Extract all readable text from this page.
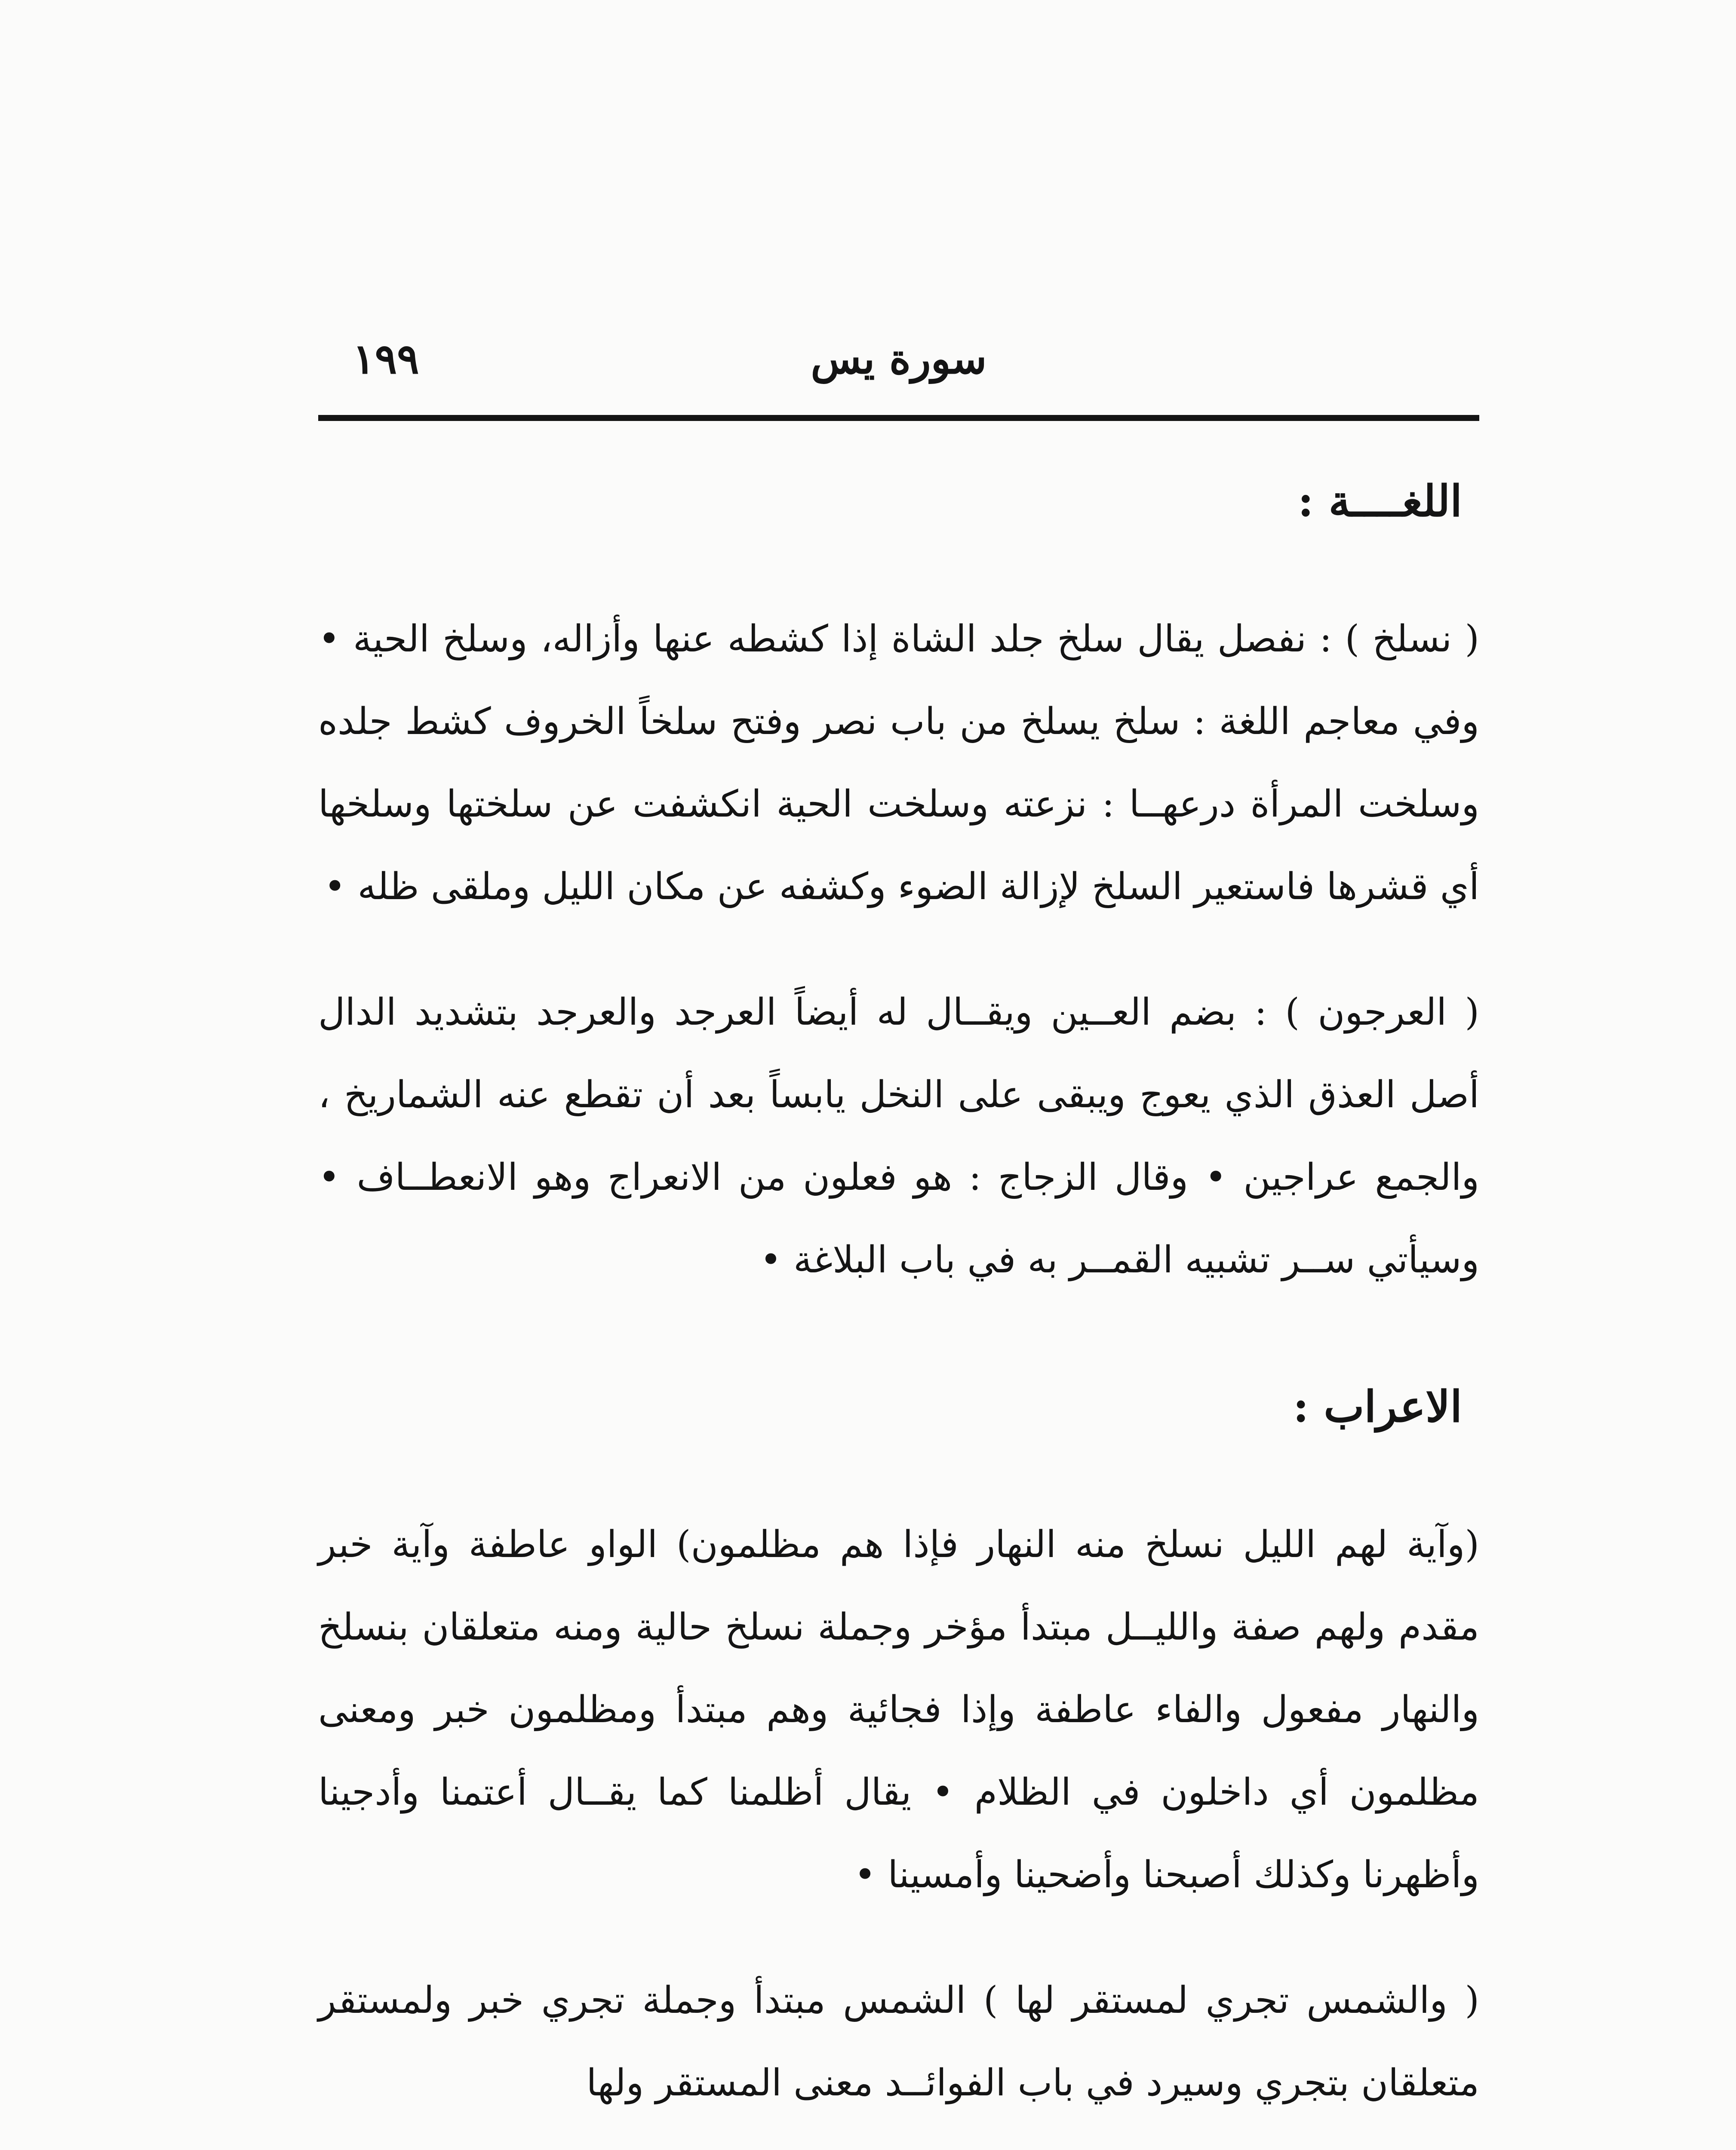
سورة يس
١٩٩
اللغــــة :

( نسلخ ) : نفصل يقال سلخ جلد الشاة إذا كشطه عنها وأزاله، وسلخ الحية • وفي معاجم اللغة : سلخ يسلخ من باب نصر وفتح سلخاً الخروف كشط جلده وسلخت المرأة درعهــا : نزعته وسلخت الحية انكشفت عن سلختها وسلخها أي قشرها فاستعير السلخ لإزالة الضوء وكشفه عن مكان الليل وملقى ظله •

( العرجون ) : بضم العــين ويقــال له أيضاً العرجد والعرجد بتشديد الدال أصل العذق الذي يعوج ويبقى على النخل يابساً بعد أن تقطع عنه الشماريخ ، والجمع عراجين • وقال الزجاج : هو فعلون من الانعراج وهو الانعطــاف • وسيأتي ســر تشبيه القمــر به في باب البلاغة •

الاعراب :

(وآية لهم الليل نسلخ منه النهار فإذا هم مظلمون) الواو عاطفة وآية خبر مقدم ولهم صفة والليــل مبتدأ مؤخر وجملة نسلخ حالية ومنه متعلقان بنسلخ والنهار مفعول والفاء عاطفة وإذا فجائية وهم مبتدأ ومظلمون خبر ومعنى مظلمون أي داخلون في الظلام • يقال أظلمنا كما يقــال أعتمنا وأدجينا وأظهرنا وكذلك أصبحنا وأضحينا وأمسينا •

( والشمس تجري لمستقر لها ) الشمس مبتدأ وجملة تجري خبر ولمستقر متعلقان بتجري وسيرد في باب الفوائــد معنى المستقر ولها
